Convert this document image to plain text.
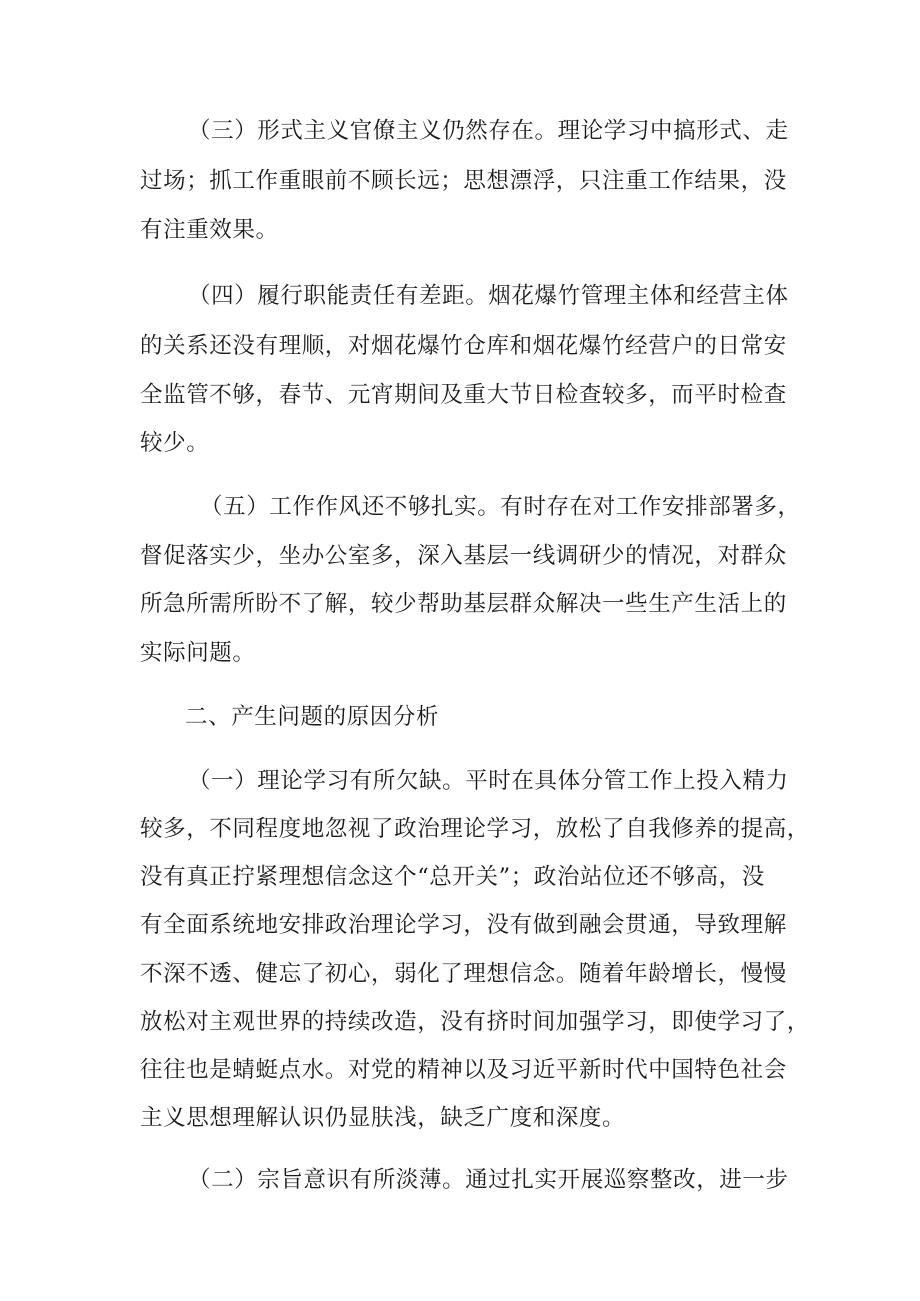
（三）形式主义官僚主义仍然存在。理论学习中搞形式、走
过场；抓工作重眼前不顾长远；思想漂浮，只注重工作结果，没
有注重效果。
（四）履行职能责任有差距。烟花爆竹管理主体和经营主体
的关系还没有理顺，对烟花爆竹仓库和烟花爆竹经营户的日常安
全监管不够，春节、元宵期间及重大节日检查较多，而平时检查
较少。
（五）工作作风还不够扎实。有时存在对工作安排部署多，
督促落实少，坐办公室多，深入基层一线调研少的情况，对群众
所急所需所盼不了解，较少帮助基层群众解决一些生产生活上的
实际问题。
二、产生问题的原因分析
（一）理论学习有所欠缺。平时在具体分管工作上投入精力
较多，不同程度地忽视了政治理论学习，放松了自我修养的提高，
没有真正拧紧理想信念这个“总开关”；政治站位还不够高，没
有全面系统地安排政治理论学习，没有做到融会贯通，导致理解
不深不透、健忘了初心，弱化了理想信念。随着年龄增长，慢慢
放松对主观世界的持续改造，没有挤时间加强学习，即使学习了，
往往也是蜻蜓点水。对党的精神以及习近平新时代中国特色社会
主义思想理解认识仍显肤浅，缺乏广度和深度。
（二）宗旨意识有所淡薄。通过扎实开展巡察整改，进一步
